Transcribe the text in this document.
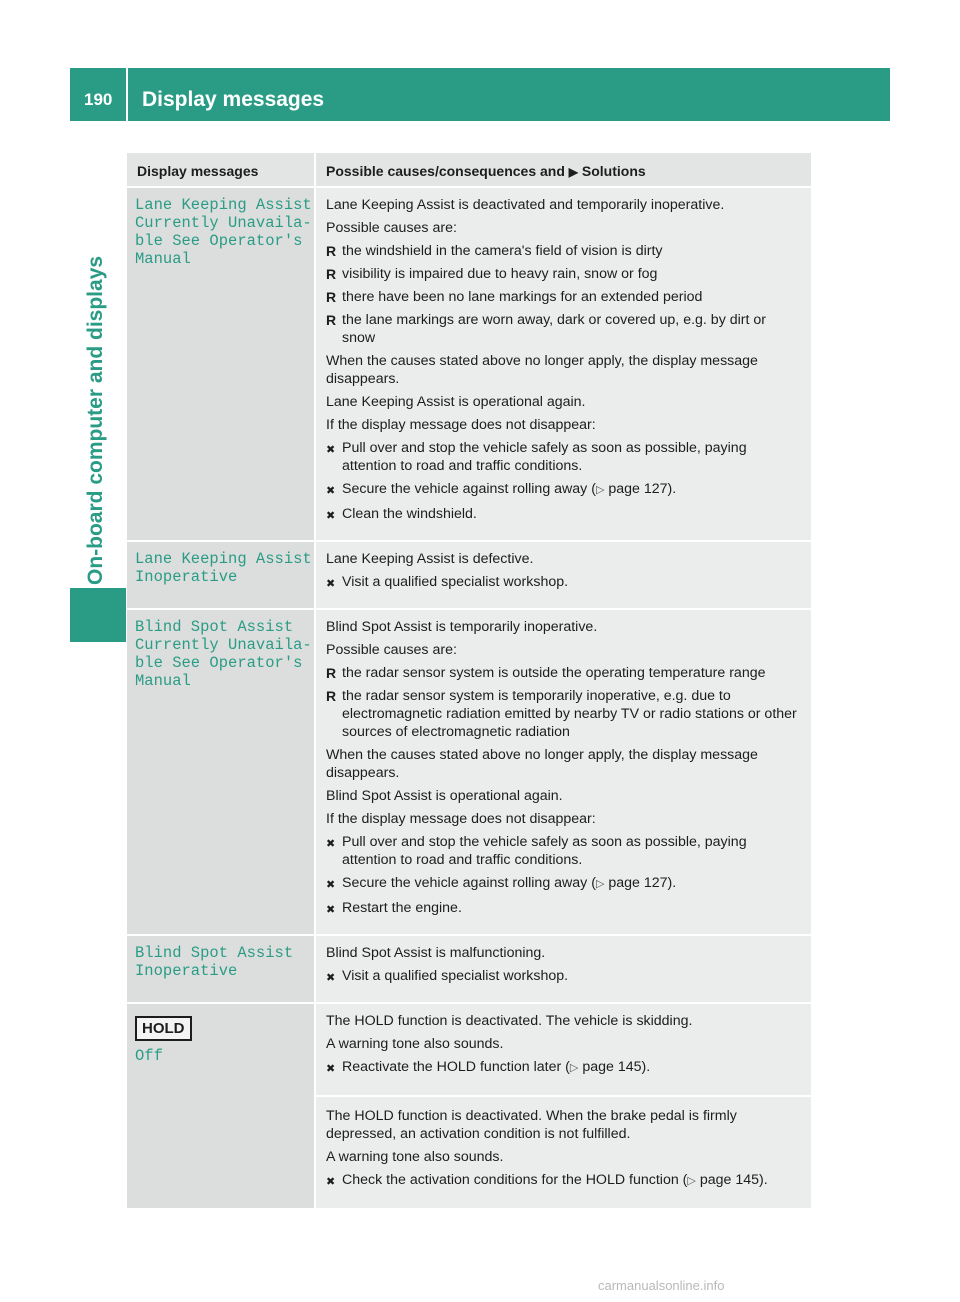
190	Display messages
On-board computer and displays
Display messages	Possible causes/consequences and ▶ Solutions
Lane Keeping Assist
Currently Unavaila-
ble See Operator's
Manual

Lane Keeping Assist is deactivated and temporarily inoperative.

Possible causes are:

R the windshield in the camera's field of vision is dirty
R visibility is impaired due to heavy rain, snow or fog
R there have been no lane markings for an extended period
R the lane markings are worn away, dark or covered up, e.g. by dirt or snow

When the causes stated above no longer apply, the display message disappears.

Lane Keeping Assist is operational again.

If the display message does not disappear:

✖ Pull over and stop the vehicle safely as soon as possible, paying attention to road and traffic conditions.
✖ Secure the vehicle against rolling away (▷ page 127).
✖ Clean the windshield.
Lane Keeping Assist
Inoperative

Lane Keeping Assist is defective.

✖ Visit a qualified specialist workshop.
Blind Spot Assist
Currently Unavaila-
ble See Operator's
Manual

Blind Spot Assist is temporarily inoperative.

Possible causes are:

R the radar sensor system is outside the operating temperature range
R the radar sensor system is temporarily inoperative, e.g. due to electromagnetic radiation emitted by nearby TV or radio stations or other sources of electromagnetic radiation

When the causes stated above no longer apply, the display message disappears.

Blind Spot Assist is operational again.

If the display message does not disappear:

✖ Pull over and stop the vehicle safely as soon as possible, paying attention to road and traffic conditions.
✖ Secure the vehicle against rolling away (▷ page 127).
✖ Restart the engine.
Blind Spot Assist
Inoperative

Blind Spot Assist is malfunctioning.

✖ Visit a qualified specialist workshop.
HOLD
Off

The HOLD function is deactivated. The vehicle is skidding.

A warning tone also sounds.

✖ Reactivate the HOLD function later (▷ page 145).

The HOLD function is deactivated. When the brake pedal is firmly depressed, an activation condition is not fulfilled.

A warning tone also sounds.

✖ Check the activation conditions for the HOLD function (▷ page 145).
carmanualsonline.info
